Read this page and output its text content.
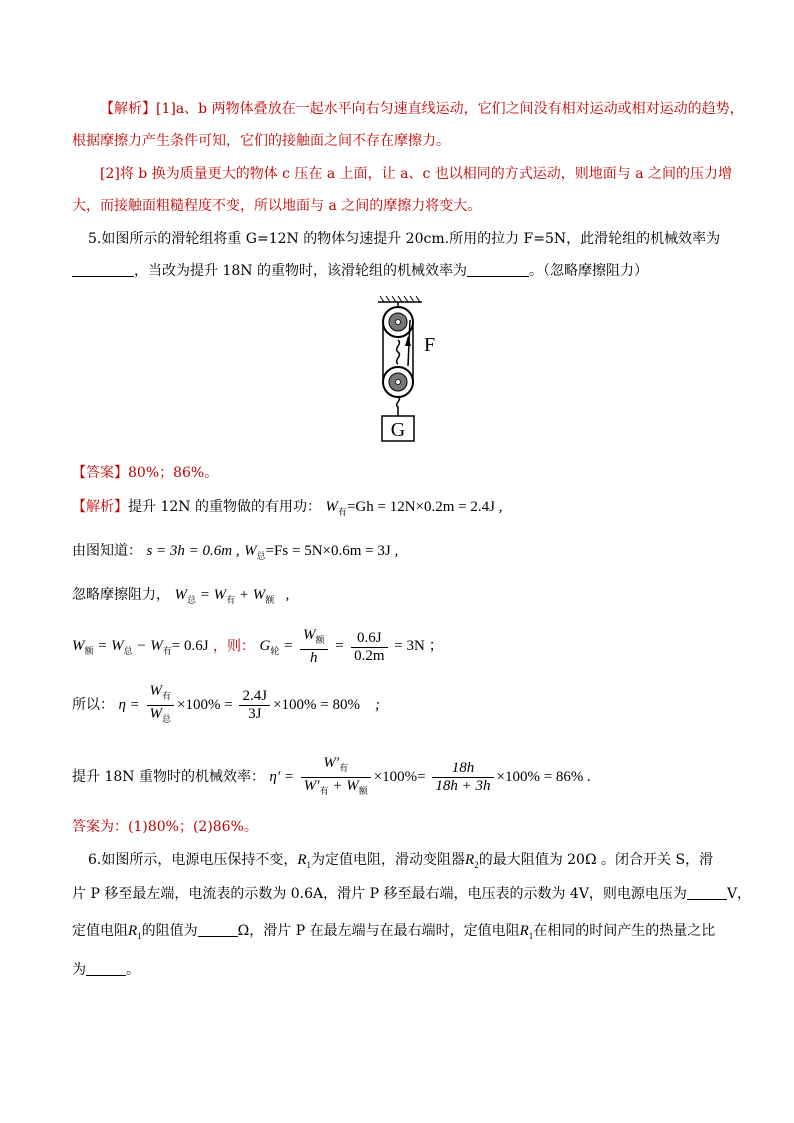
【解析】[1]a、b 两物体叠放在一起水平向右匀速直线运动，它们之间没有相对运动或相对运动的趋势，
根据摩擦力产生条件可知，它们的接触面之间不存在摩擦力。
[2]将 b 换为质量更大的物体 c 压在 a 上面，让 a、c 也以相同的方式运动，则地面与 a 之间的压力增
大，而接触面粗糙程度不变，所以地面与 a 之间的摩擦力将变大。
5.如图所示的滑轮组将重 G=12N 的物体匀速提升 20cm.所用的拉力 F=5N，此滑轮组的机械效率为
，当改为提升 18N 的重物时，该滑轮组的机械效率为	。（忽略摩擦阻力）
F
G
【答案】80%；86%。
【解析】提升 12N 的重物做的有用功： $W_有=Gh = 12N\times 0.2m = 2.4J$ ,
由图知道： s = 3h = 0.6m , $W_总=Fs = 5N\times 0.6m = 3J$ ,
忽略摩擦阻力， $W_总 = W_有 + W_额$   ,
$W_额 = W_总 - W_有= 0.6J$ ，则： $G_轮 = \frac{W_额}{h} = \frac{0.6J}{0.2m} = 3N$ ；
所以： $\eta = \frac{W_有}{W_总} \times 100\% = \frac{2.4J}{3J} \times 100\% = 80\%$    ;
提升 18N 重物时的机械效率： $\eta' = \frac{W'_有}{W'_有 + W_额} \times 100\%= \frac{18h}{18h + 3h} \times 100\% = 86\%$ .
答案为：(1)80%；(2)86%。
6.如图所示，电源电压保持不变，$R_1$为定值电阻，滑动变阻器$R_2$的最大阻值为 20Ω 。闭合开关 S，滑
片 P 移至最左端，电流表的示数为 0.6A，滑片 P 移至最右端，电压表的示数为 4V，则电源电压为	V，
定值电阻$R_1$的阻值为	Ω，滑片 P 在最左端与在最右端时，定值电阻$R_1$在相同的时间产生的热量之比
为	。
